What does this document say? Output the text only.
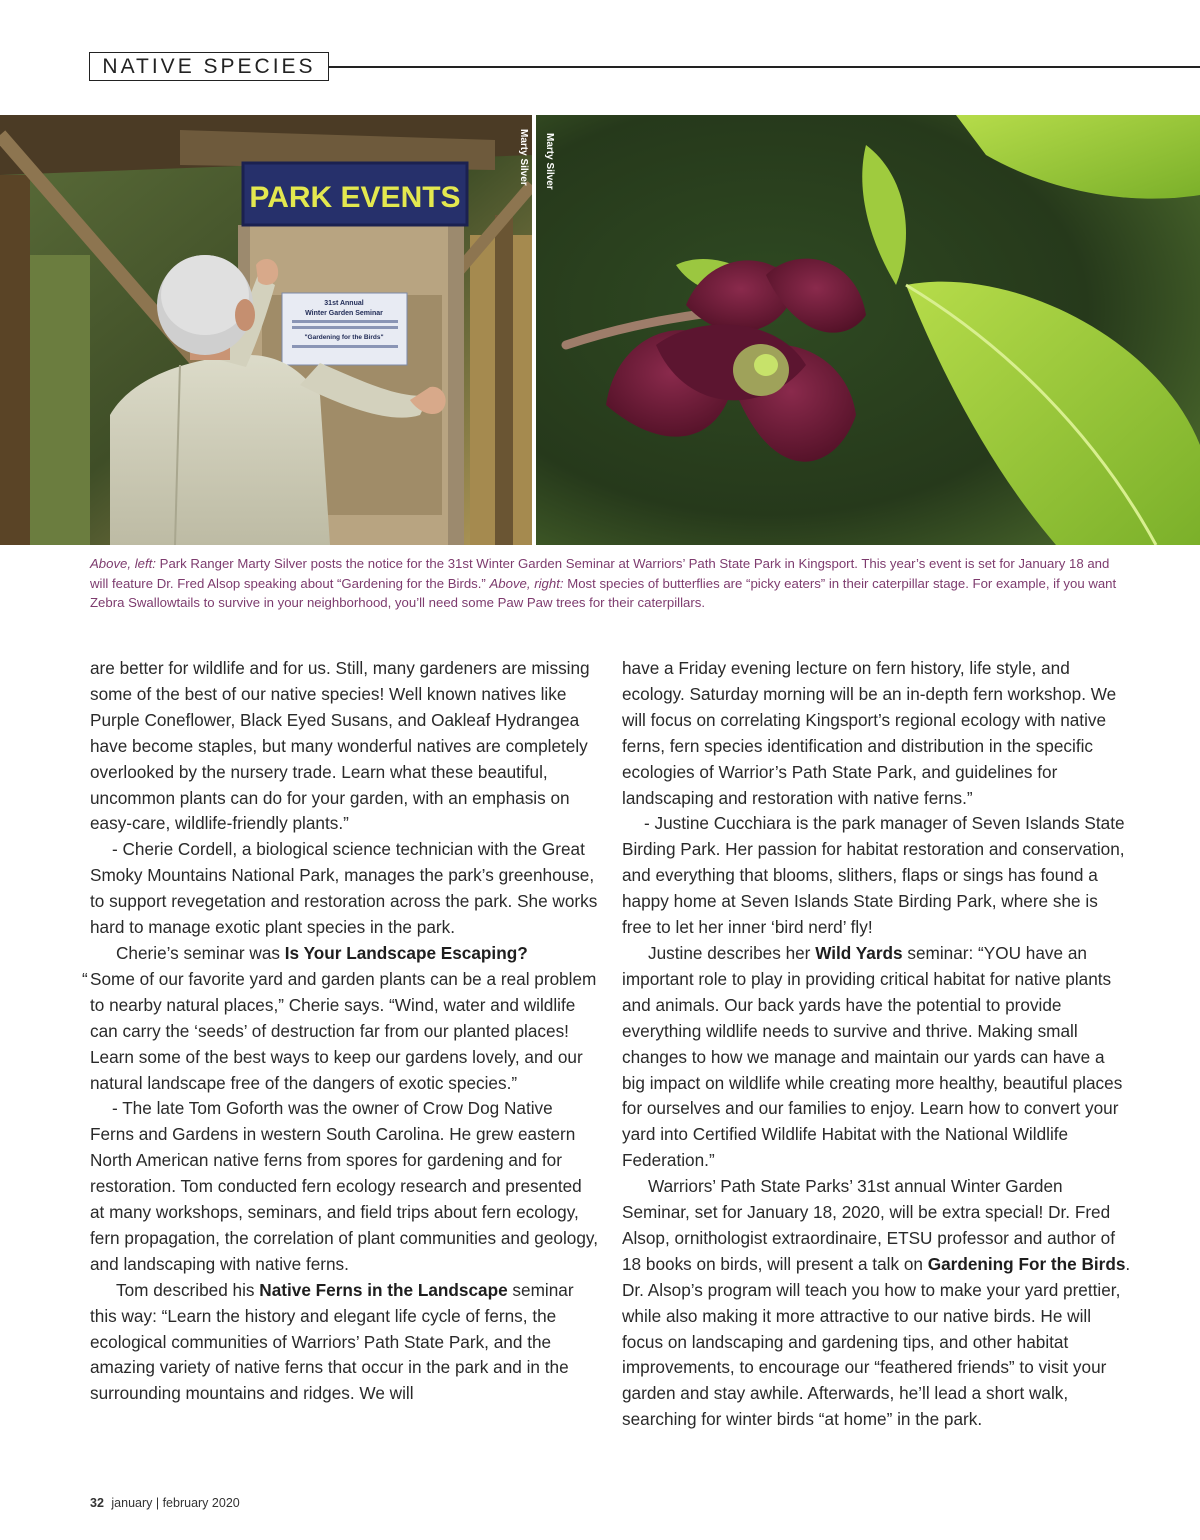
NATIVE SPECIES
PARK EVENTS
31st Annual
Winter Garden Seminar
"Gardening for the Birds"
Marty Silver Marty Silver
Above, left: Park Ranger Marty Silver posts the notice for the 31st Winter Garden Seminar at Warriors’ Path State Park in Kingsport. This year’s event is set for January 18 and will feature Dr. Fred Alsop speaking about “Gardening for the Birds.” Above, right: Most species of butterflies are “picky eaters” in their caterpillar stage. For example, if you want Zebra Swallowtails to survive in your neighborhood, you’ll need some Paw Paw trees for their caterpillars.

are better for wildlife and for us. Still, many gardeners are missing some of the best of our native species! Well known natives like Purple Coneflower, Black Eyed Susans, and Oakleaf Hydrangea have become staples, but many wonderful natives are completely overlooked by the nursery trade. Learn what these beautiful, uncommon plants can do for your garden, with an emphasis on easy-care, wildlife-friendly plants.”

- Cherie Cordell, a biological science technician with the Great Smoky Mountains National Park, manages the park’s greenhouse, to support revegetation and restoration across the park. She works hard to manage exotic plant species in the park.

Cherie’s seminar was Is Your Landscape Escaping?

“ Some of our favorite yard and garden plants can be a real problem to nearby natural places,” Cherie says. “Wind, water and wildlife can carry the ‘seeds’ of destruction far from our planted places! Learn some of the best ways to keep our gardens lovely, and our natural landscape free of the dangers of exotic species.”

- The late Tom Goforth was the owner of Crow Dog Native Ferns and Gardens in western South Carolina. He grew eastern North American native ferns from spores for gardening and for restoration. Tom conducted fern ecology research and presented at many workshops, seminars, and field trips about fern ecology, fern propagation, the correlation of plant communities and geology, and landscaping with native ferns.

Tom described his Native Ferns in the Landscape seminar this way: “Learn the history and elegant life cycle of ferns, the ecological communities of Warriors’ Path State Park, and the amazing variety of native ferns that occur in the park and in the surrounding mountains and ridges. We will

have a Friday evening lecture on fern history, life style, and ecology. Saturday morning will be an in-depth fern workshop. We will focus on correlating Kingsport’s regional ecology with native ferns, fern species identification and distribution in the specific ecologies of Warrior’s Path State Park, and guidelines for landscaping and restoration with native ferns.”

- Justine Cucchiara is the park manager of Seven Islands State Birding Park. Her passion for habitat restoration and conservation, and everything that blooms, slithers, flaps or sings has found a happy home at Seven Islands State Birding Park, where she is free to let her inner ‘bird nerd’ fly!

Justine describes her Wild Yards seminar: “YOU have an important role to play in providing critical habitat for native plants and animals. Our back yards have the potential to provide everything wildlife needs to survive and thrive. Making small changes to how we manage and maintain our yards can have a big impact on wildlife while creating more healthy, beautiful places for ourselves and our families to enjoy. Learn how to convert your yard into Certified Wildlife Habitat with the National Wildlife Federation.”

Warriors’ Path State Parks’ 31st annual Winter Garden Seminar, set for January 18, 2020, will be extra special! Dr. Fred Alsop, ornithologist extraordinaire, ETSU professor and author of 18 books on birds, will present a talk on Gardening For the Birds. Dr. Alsop’s program will teach you how to make your yard prettier, while also making it more attractive to our native birds. He will focus on landscaping and gardening tips, and other habitat improvements, to encourage our “feathered friends” to visit your garden and stay awhile. Afterwards, he’ll lead a short walk, searching for winter birds “at home” in the park.

32 january | february 2020
